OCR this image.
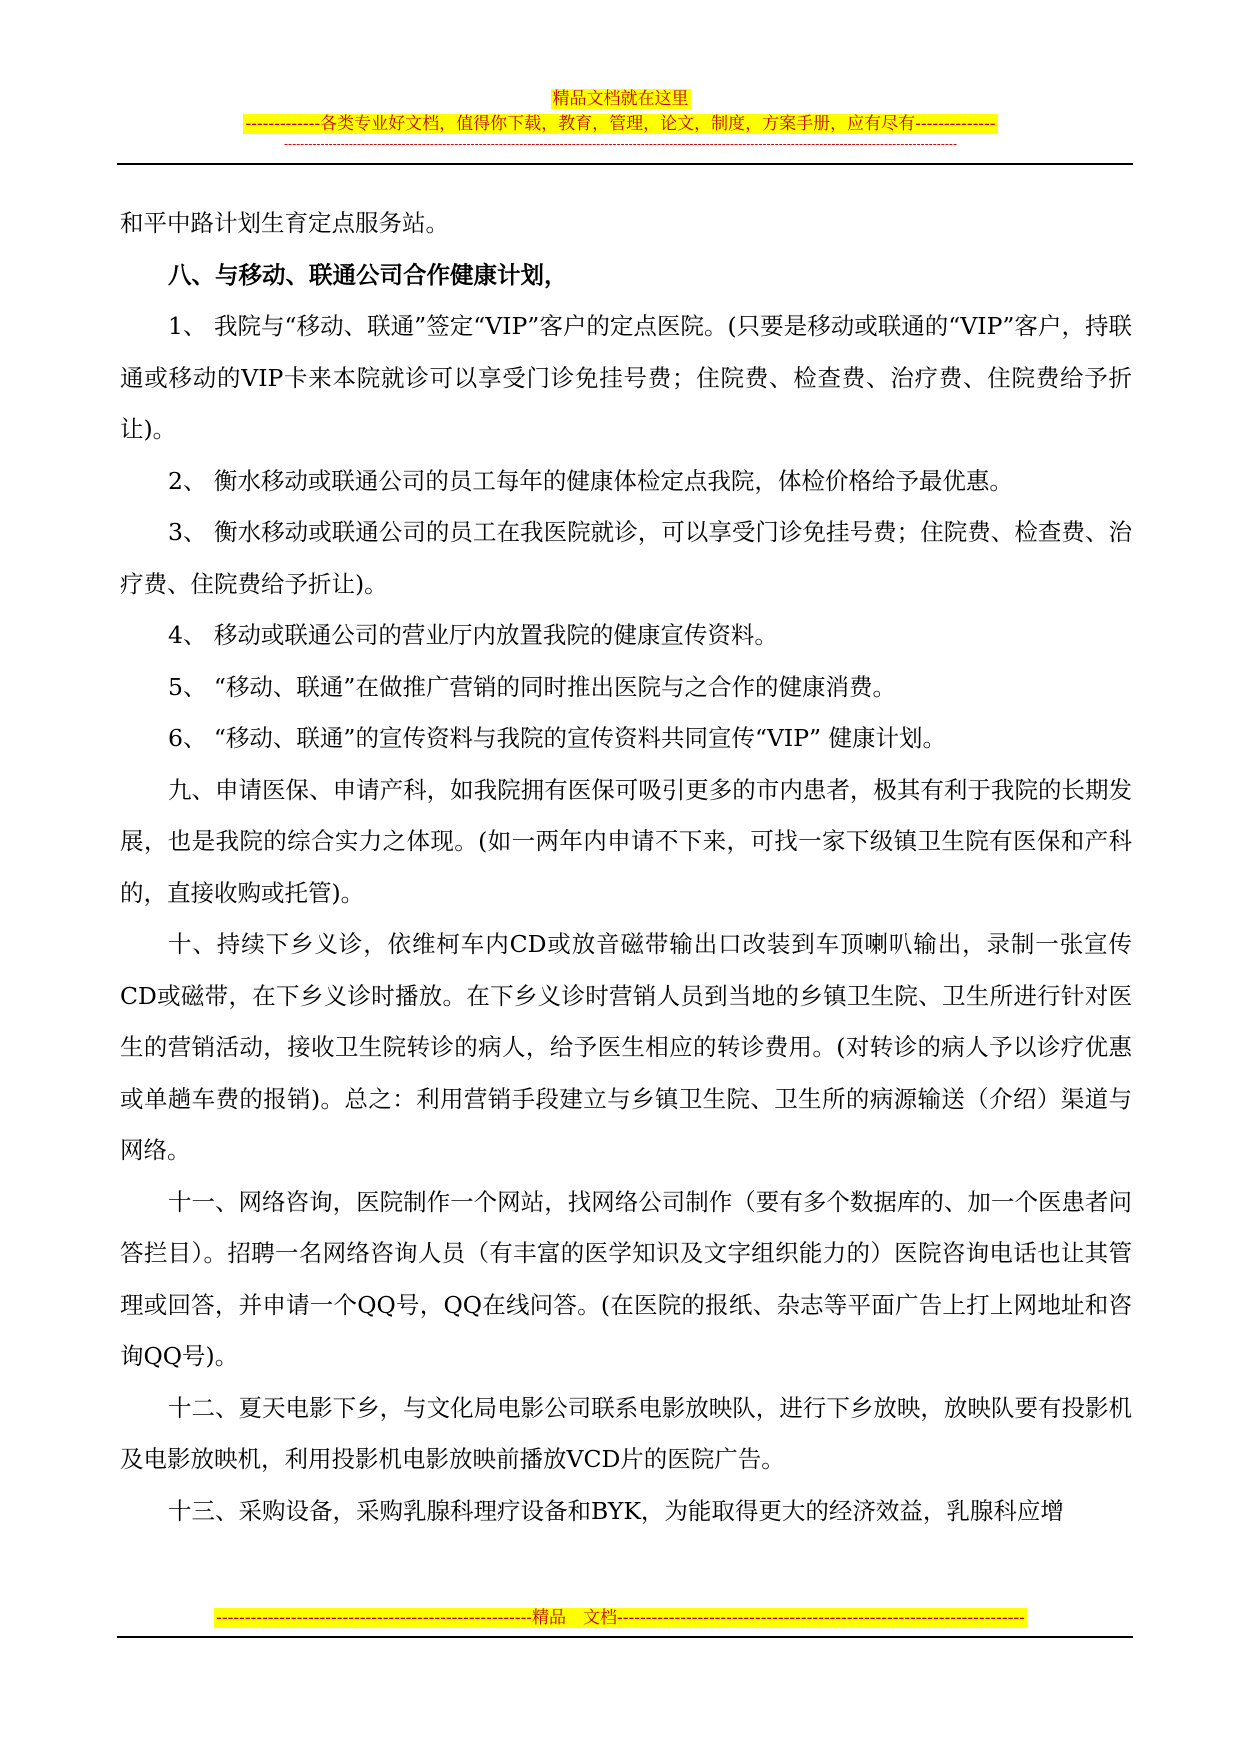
精品文档就在这里
-------------各类专业好文档，值得你下载，教育，管理，论文，制度，方案手册，应有尽有--------------
----------------------------------------------------------------------------------------------------------------------------------------------------------------------

和平中路计划生育定点服务站。

八、与移动、联通公司合作健康计划，

1、 我院与“移动、联通”签定“VIP”客户的定点医院。(只要是移动或联通的“VIP”客户，持联通或移动的VIP卡来本院就诊可以享受门诊免挂号费；住院费、检查费、治疗费、住院费给予折让)。

2、 衡水移动或联通公司的员工每年的健康体检定点我院，体检价格给予最优惠。

3、 衡水移动或联通公司的员工在我医院就诊，可以享受门诊免挂号费；住院费、检查费、治疗费、住院费给予折让)。

4、 移动或联通公司的营业厅内放置我院的健康宣传资料。

5、 “移动、联通”在做推广营销的同时推出医院与之合作的健康消费。

6、 “移动、联通”的宣传资料与我院的宣传资料共同宣传“VIP” 健康计划。

九、申请医保、申请产科，如我院拥有医保可吸引更多的市内患者，极其有利于我院的长期发展，也是我院的综合实力之体现。(如一两年内申请不下来，可找一家下级镇卫生院有医保和产科的，直接收购或托管)。

十、持续下乡义诊，依维柯车内CD或放音磁带输出口改装到车顶喇叭输出，录制一张宣传CD或磁带，在下乡义诊时播放。在下乡义诊时营销人员到当地的乡镇卫生院、卫生所进行针对医生的营销活动，接收卫生院转诊的病人，给予医生相应的转诊费用。(对转诊的病人予以诊疗优惠或单趟车费的报销)。总之：利用营销手段建立与乡镇卫生院、卫生所的病源输送（介绍）渠道与网络。

十一、网络咨询，医院制作一个网站，找网络公司制作（要有多个数据库的、加一个医患者问答拦目）。招聘一名网络咨询人员（有丰富的医学知识及文字组织能力的）医院咨询电话也让其管理或回答，并申请一个QQ号，QQ在线问答。(在医院的报纸、杂志等平面广告上打上网地址和咨询QQ号)。

十二、夏天电影下乡，与文化局电影公司联系电影放映队，进行下乡放映，放映队要有投影机及电影放映机，利用投影机电影放映前播放VCD片的医院广告。

十三、采购设备，采购乳腺科理疗设备和BYK，为能取得更大的经济效益，乳腺科应增

-------------------------------------------------------精品　文档-----------------------------------------------------------------------
